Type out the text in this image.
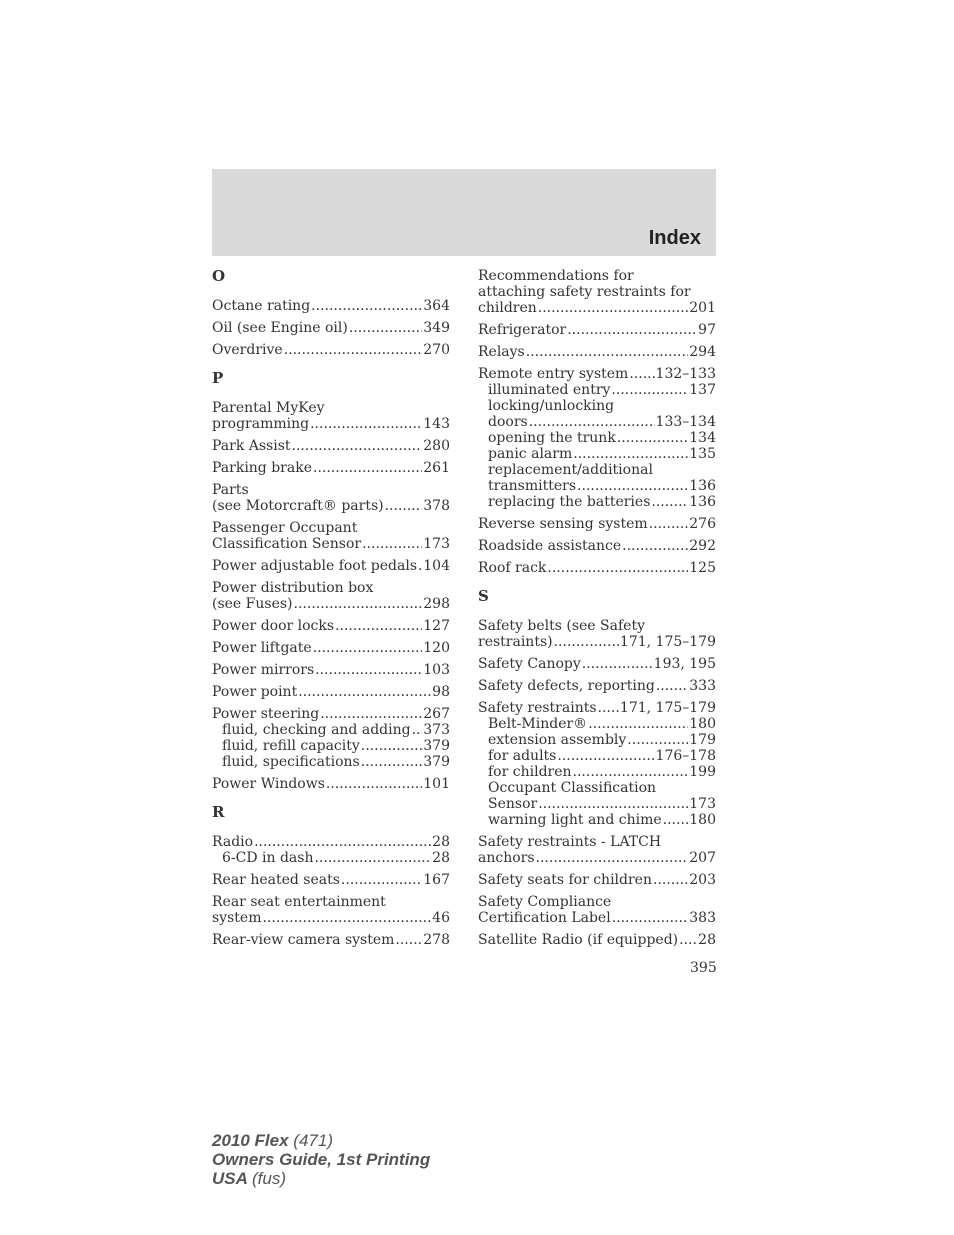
Index
O
Octane rating .....	364
Oil (see Engine oil) .....	349
Overdrive .....	270
P
Parental MyKey
programming .....	143
Park Assist .....	280
Parking brake .....	261
Parts
(see Motorcraft® parts) .....	378
Passenger Occupant
Classification Sensor .....	173
Power adjustable foot pedals ..... 104
Power distribution box
(see Fuses) .....	298
Power door locks .....	127
Power liftgate .....	120
Power mirrors .....	103
Power point .....	98
Power steering .....	267
fluid, checking and adding ..... 373
fluid, refill capacity .....	379
fluid, specifications .....	379
Power Windows .....	101
R
Radio .....	28
6-CD in dash .....	28
Rear heated seats .....	167
Rear seat entertainment
system .....	46
Rear-view camera system ..... 278
Recommendations for
attaching safety restraints for
children .....	201
Refrigerator .....	97
Relays .....	294
Remote entry system ..... 132–133
illuminated entry .....	137
locking/unlocking
doors .....	133–134
opening the trunk .....	134
panic alarm .....	135
replacement/additional
transmitters .....	136
replacing the batteries .....	136
Reverse sensing system .....	276
Roadside assistance .....	292
Roof rack .....	125
S
Safety belts (see Safety
restraints) .....	171, 175–179
Safety Canopy .....	193, 195
Safety defects, reporting ..... 333
Safety restraints ..... 171, 175–179
Belt-Minder® .....	180
extension assembly .....	179
for adults .....	176–178
for children .....	199
Occupant Classification
Sensor .....	173
warning light and chime ..... 180
Safety restraints - LATCH
anchors .....	207
Safety seats for children .....	203
Safety Compliance
Certification Label .....	383
Satellite Radio (if equipped) ..... 28
395
2010 Flex (471)
Owners Guide, 1st Printing
USA (fus)
